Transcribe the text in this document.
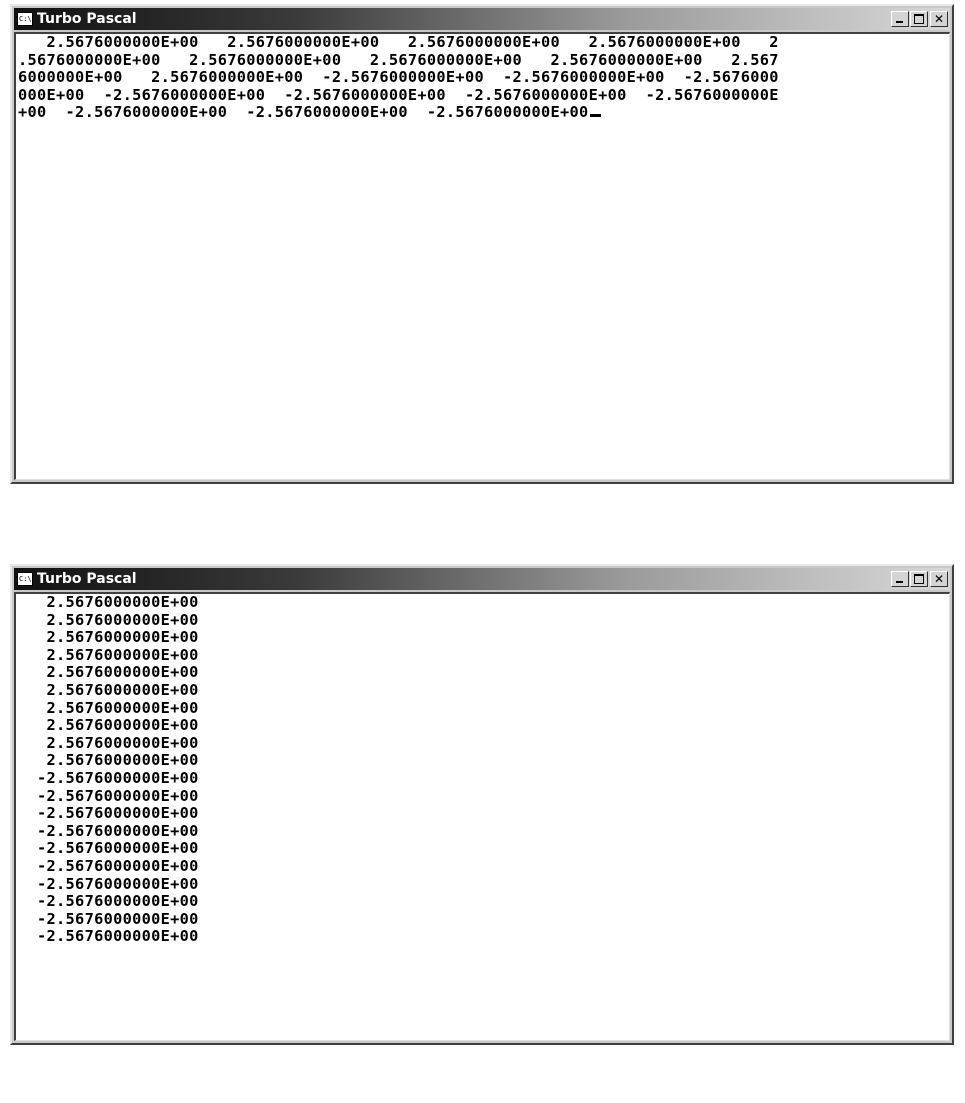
C:\ Turbo Pascal	✕
2.5676000000E+00   2.5676000000E+00   2.5676000000E+00   2.5676000000E+00   2
.5676000000E+00   2.5676000000E+00   2.5676000000E+00   2.5676000000E+00   2.567
6000000E+00   2.5676000000E+00  -2.5676000000E+00  -2.5676000000E+00  -2.5676000
000E+00  -2.5676000000E+00  -2.5676000000E+00  -2.5676000000E+00  -2.5676000000E
+00  -2.5676000000E+00  -2.5676000000E+00  -2.5676000000E+00
C:\ Turbo Pascal	✕
2.5676000000E+00
2.5676000000E+00
2.5676000000E+00
2.5676000000E+00
2.5676000000E+00
2.5676000000E+00
2.5676000000E+00
2.5676000000E+00
2.5676000000E+00
2.5676000000E+00
-2.5676000000E+00
-2.5676000000E+00
-2.5676000000E+00
-2.5676000000E+00
-2.5676000000E+00
-2.5676000000E+00
-2.5676000000E+00
-2.5676000000E+00
-2.5676000000E+00
-2.5676000000E+00
